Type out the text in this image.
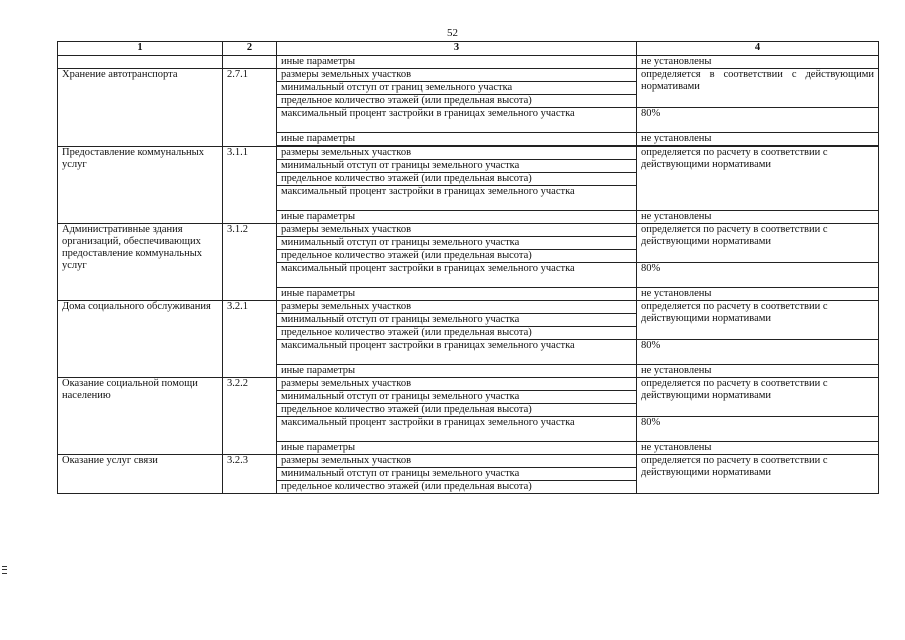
52
1	2	3	4
		иные параметры	не установлены
Хранение автотранспорта	2.7.1	размеры земельных участков	определяется в соответствии с действующими нормативами
		минимальный отступ от границ земельного участка	
		предельное количество этажей (или предельная высота)	
		максимальный процент застройки в границах земельного участка	80%
		иные параметры	не установлены

Предоставление коммунальных услуг	3.1.1	размеры земельных участков	определяется по расчету в соответствии с действующими нормативами
		минимальный отступ от границы земельного участка	
		предельное количество этажей (или предельная высота)	
		максимальный процент застройки в границах земельного участка	
		иные параметры	не установлены
Административные здания организаций, обеспечивающих предоставление коммунальных услуг	3.1.2	размеры земельных участков	определяется по расчету в соответствии с действующими нормативами
		минимальный отступ от границы земельного участка	
		предельное количество этажей (или предельная высота)	
		максимальный процент застройки в границах земельного участка	80%
		иные параметры	не установлены
Дома социального обслуживания	3.2.1	размеры земельных участков	определяется по расчету в соответствии с действующими нормативами
		минимальный отступ от границы земельного участка	
		предельное количество этажей (или предельная высота)	
		максимальный процент застройки в границах земельного участка	80%
		иные параметры	не установлены
Оказание социальной помощи населению	3.2.2	размеры земельных участков	определяется по расчету в соответствии с действующими нормативами
		минимальный отступ от границы земельного участка	
		предельное количество этажей (или предельная высота)	
		максимальный процент застройки в границах земельного участка	80%
		иные параметры	не установлены
Оказание услуг связи	3.2.3	размеры земельных участков	определяется по расчету в соответствии с действующими нормативами
		минимальный отступ от границы земельного участка	
		предельное количество этажей (или предельная высота)	
